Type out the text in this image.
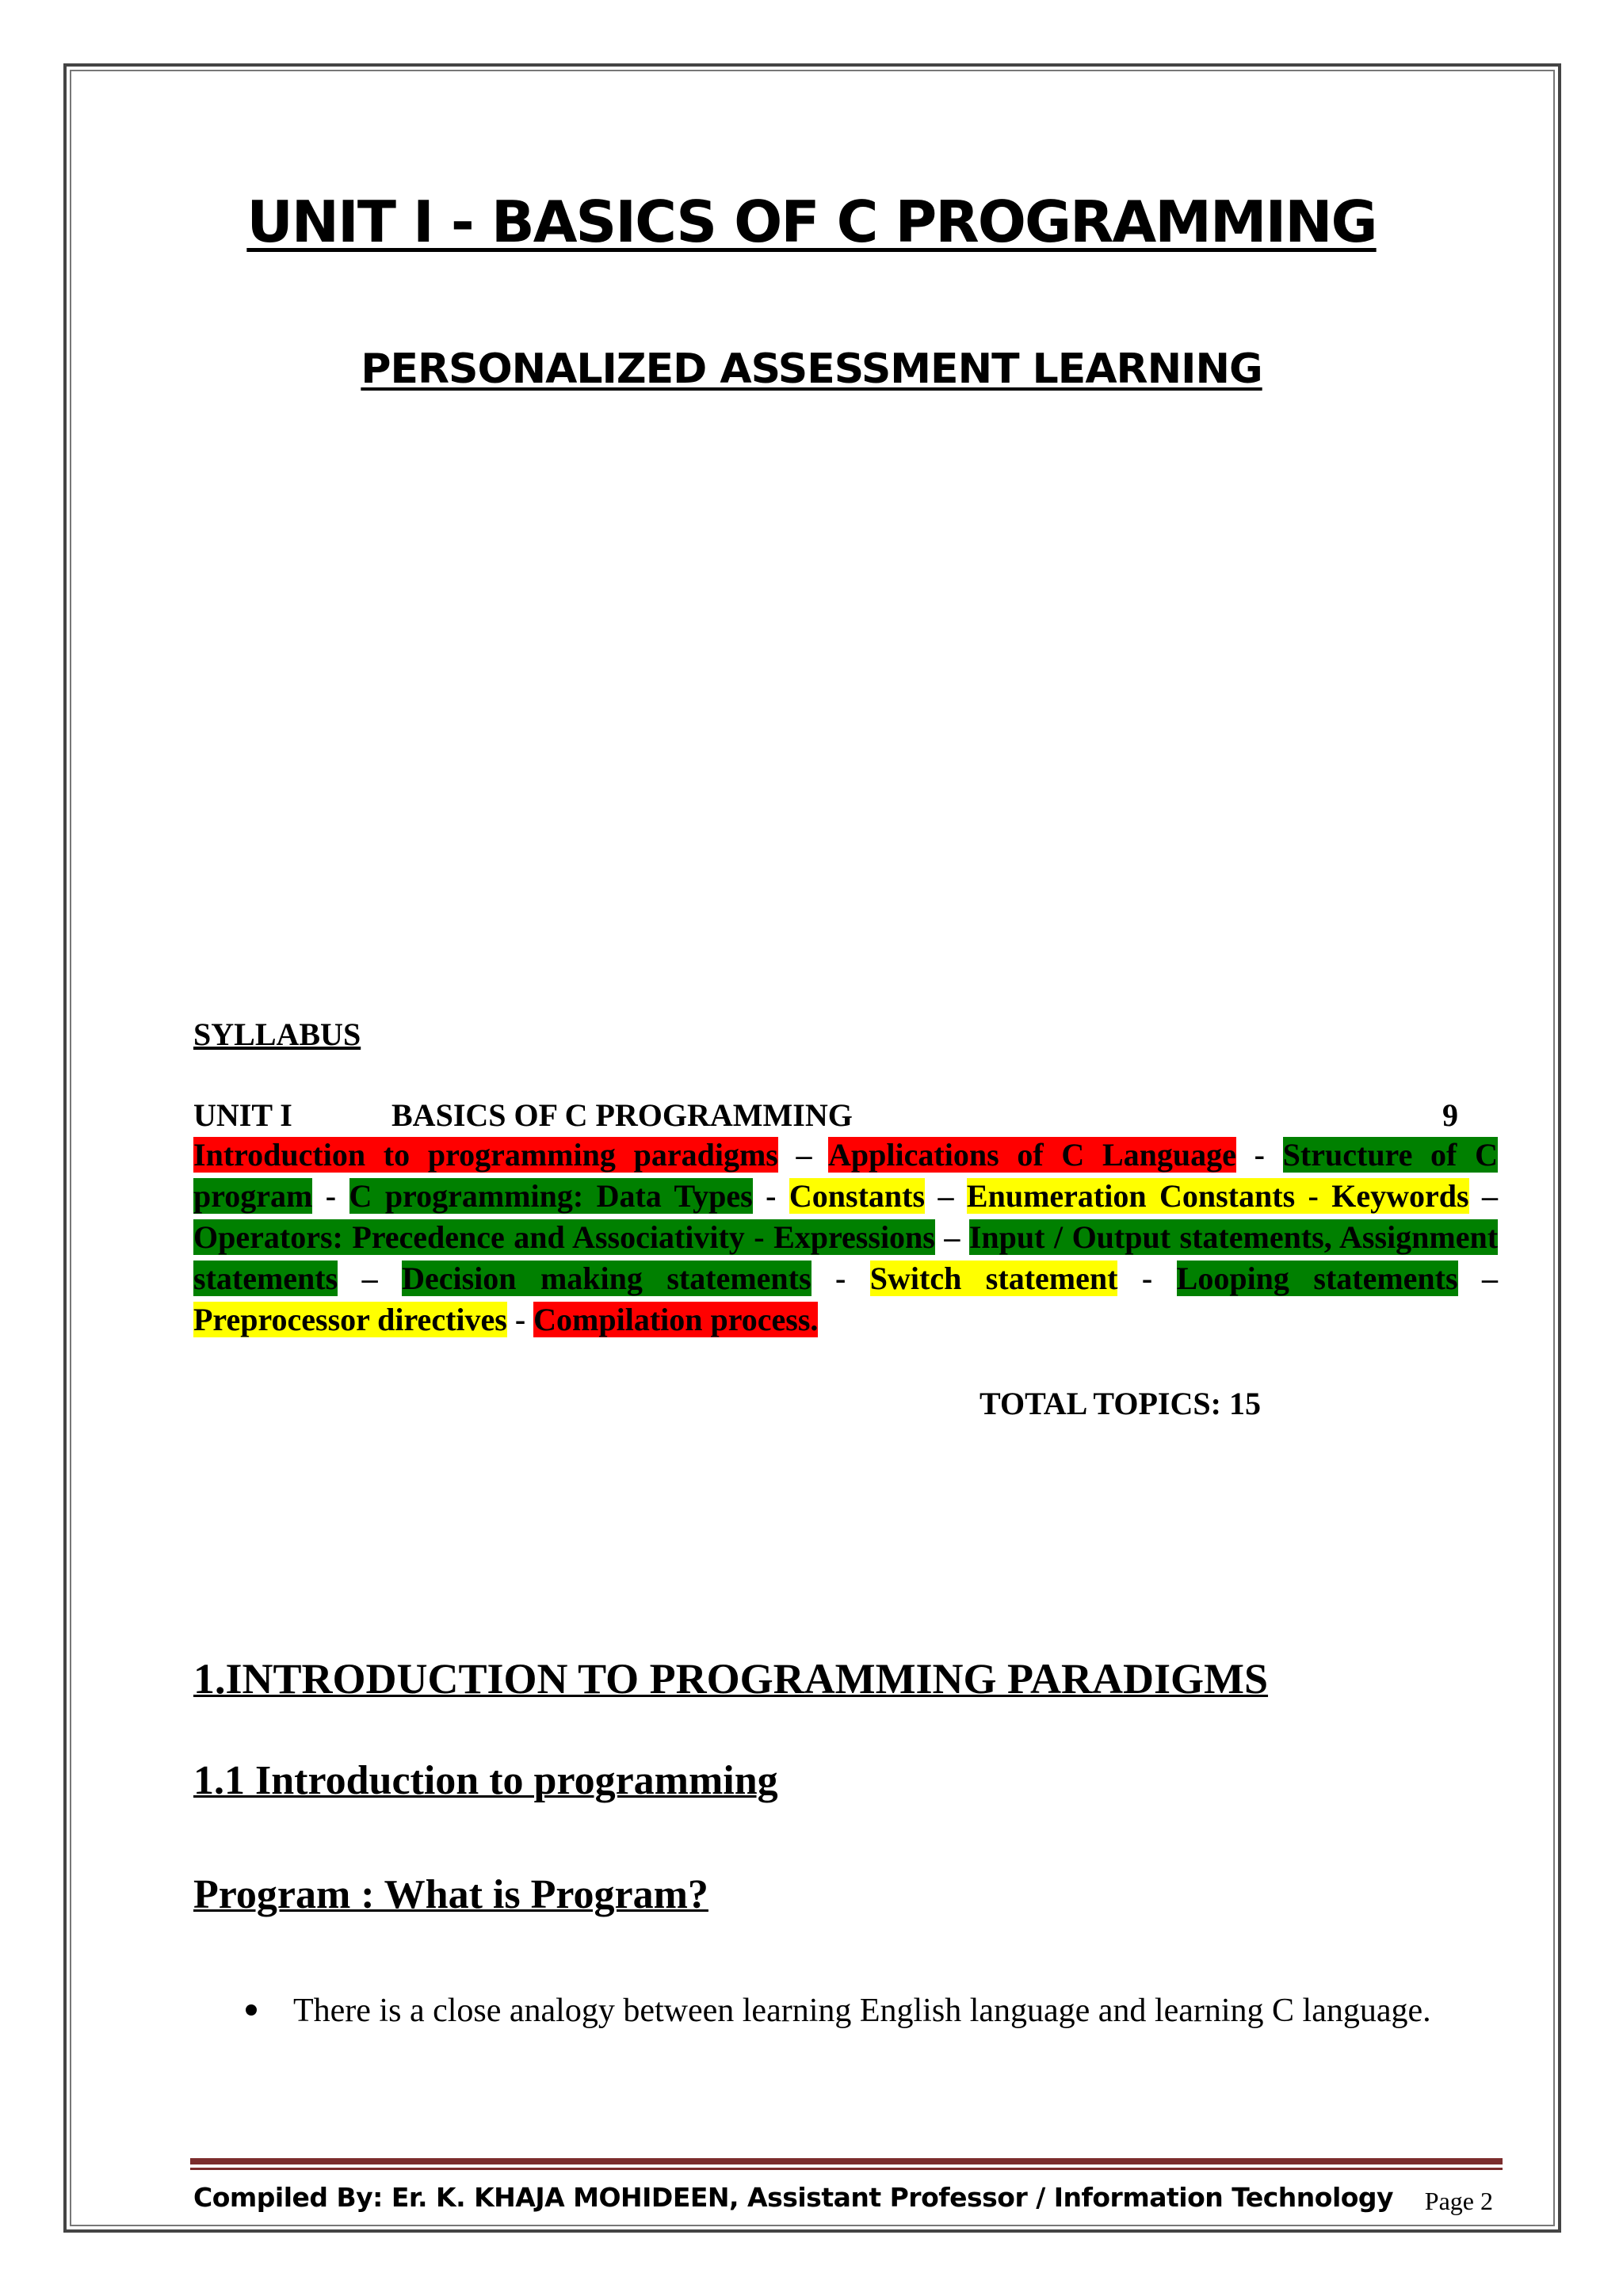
UNIT I - BASICS OF C PROGRAMMING
PERSONALIZED ASSESSMENT LEARNING
SYLLABUS
UNIT I	BASICS OF C PROGRAMMING	9
Introduction to programming paradigms – Applications of C Language - Structure of C program - C programming: Data Types - Constants – Enumeration Constants - Keywords – Operators: Precedence and Associativity - Expressions – Input / Output statements, Assignment statements – Decision making statements - Switch statement - Looping statements – Preprocessor directives - Compilation process.
TOTAL TOPICS: 15
1.INTRODUCTION TO PROGRAMMING PARADIGMS
1.1 Introduction to programming
Program : What is Program?
There is a close analogy between learning English language and learning C language.
Compiled By: Er. K. KHAJA MOHIDEEN, Assistant Professor / Information Technology Page 2
